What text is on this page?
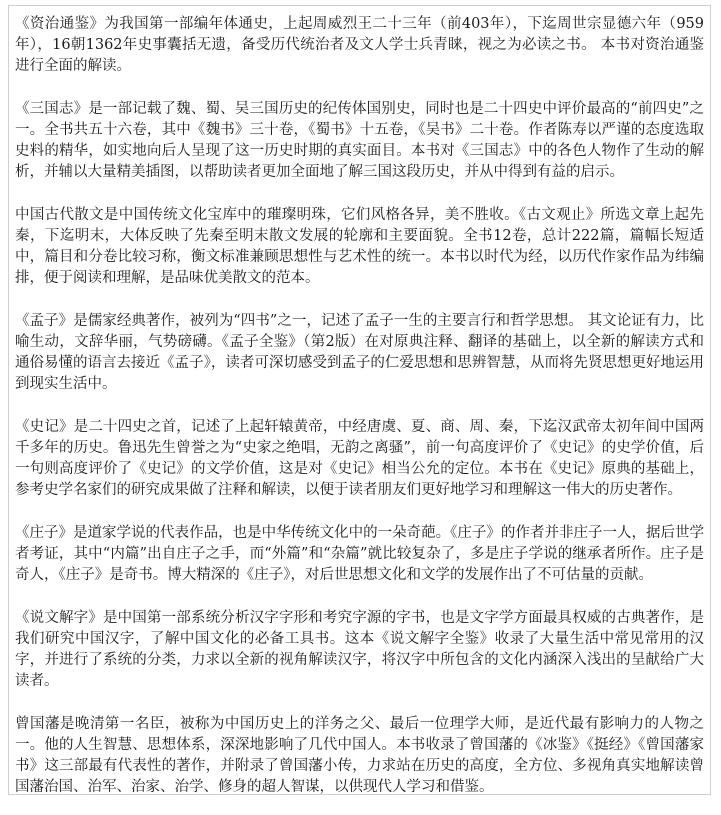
《资治通鉴》为我国第一部编年体通史，上起周威烈王二十三年（前403年），下迄周世宗显德六年（959年），16朝1362年史事囊括无遗，备受历代统治者及文人学士兵青睐，视之为必读之书。 本书对资治通鉴进行全面的解读。

《三国志》是一部记载了魏、蜀、吴三国历史的纪传体国别史，同时也是二十四史中评价最高的“前四史”之一。全书共五十六卷，其中《魏书》三十卷，《蜀书》十五卷，《吴书》二十卷。作者陈寿以严谨的态度选取史料的精华，如实地向后人呈现了这一历史时期的真实面目。本书对《三国志》中的各色人物作了生动的解析，并辅以大量精美插图，以帮助读者更加全面地了解三国这段历史，并从中得到有益的启示。

中国古代散文是中国传统文化宝库中的璀璨明珠，它们风格各异，美不胜收。《古文观止》所选文章上起先秦，下迄明末，大体反映了先秦至明末散文发展的轮廓和主要面貌。全书12卷，总计222篇，篇幅长短适中，篇目和分卷比较习称，衡文标准兼顾思想性与艺术性的统一。本书以时代为经，以历代作家作品为纬编排，便于阅读和理解，是品味优美散文的范本。

《孟子》是儒家经典著作，被列为“四书”之一，记述了孟子一生的主要言行和哲学思想。 其文论证有力，比喻生动，文辞华丽，气势磅礴。《孟子全鉴》（第2版）在对原典注释、翻译的基础上，以全新的解读方式和通俗易懂的语言去接近《孟子》，读者可深切感受到孟子的仁爱思想和思辨智慧，从而将先贤思想更好地运用到现实生活中。

《史记》是二十四史之首，记述了上起轩辕黄帝，中经唐虞、夏、商、周、秦，下迄汉武帝太初年间中国两千多年的历史。鲁迅先生曾誉之为“史家之绝唱，无韵之离骚”，前一句高度评价了《史记》的史学价值，后一句则高度评价了《史记》的文学价值，这是对《史记》相当公允的定位。本书在《史记》原典的基础上，参考史学名家们的研究成果做了注释和解读，以便于读者朋友们更好地学习和理解这一伟大的历史著作。

《庄子》是道家学说的代表作品，也是中华传统文化中的一朵奇葩。《庄子》的作者并非庄子一人，据后世学者考证，其中“内篇”出自庄子之手，而“外篇”和“杂篇”就比较复杂了，多是庄子学说的继承者所作。庄子是奇人，《庄子》是奇书。博大精深的《庄子》，对后世思想文化和文学的发展作出了不可估量的贡献。

《说文解字》是中国第一部系统分析汉字字形和考究字源的字书，也是文字学方面最具权威的古典著作，是我们研究中国汉字，了解中国文化的必备工具书。这本《说文解字全鉴》收录了大量生活中常见常用的汉字，并进行了系统的分类，力求以全新的视角解读汉字，将汉字中所包含的文化内涵深入浅出的呈献给广大读者。

曾国藩是晚清第一名臣，被称为中国历史上的洋务之父、最后一位理学大师，是近代最有影响力的人物之一。他的人生智慧、思想体系，深深地影响了几代中国人。本书收录了曾国藩的《冰鉴》《挺经》《曾国藩家书》这三部最有代表性的著作，并附录了曾国藩小传，力求站在历史的高度，全方位、多视角真实地解读曾国藩治国、治军、治家、治学、修身的超人智谋，以供现代人学习和借鉴。
